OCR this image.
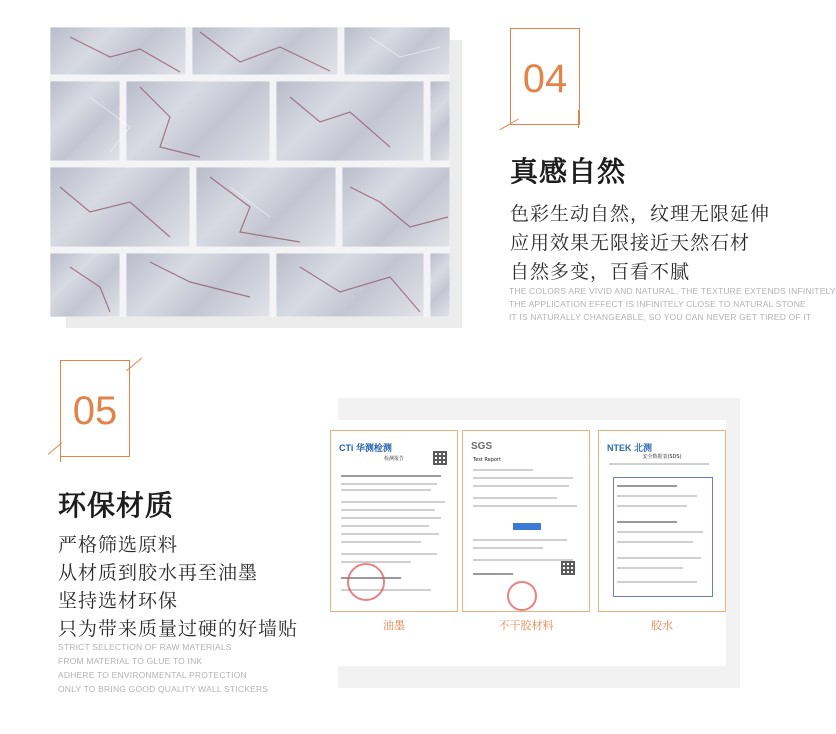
04
真感自然
色彩生动自然，纹理无限延伸
应用效果无限接近天然石材
自然多变，百看不腻
THE COLORS ARE VIVID AND NATURAL, THE TEXTURE EXTENDS INFINITELY
THE APPLICATION EFFECT IS INFINITELY CLOSE TO NATURAL STONE
IT IS NATURALLY CHANGEABLE, SO YOU CAN NEVER GET TIRED OF IT
05
环保材质
严格筛选原料
从材质到胶水再至油墨
坚持选材环保
只为带来质量过硬的好墙贴
STRICT SELECTION OF RAW MATERIALS
FROM MATERIAL TO GLUE TO INK
ADHERE TO ENVIRONMENTAL PROTECTION
ONLY TO BRING GOOD QUALITY WALL STICKERS
CTi 华测检测
检测报告
油墨
SGS
Test Report
不干胶材料
NTEK 北测
安全数据表(SDS)
胶水
